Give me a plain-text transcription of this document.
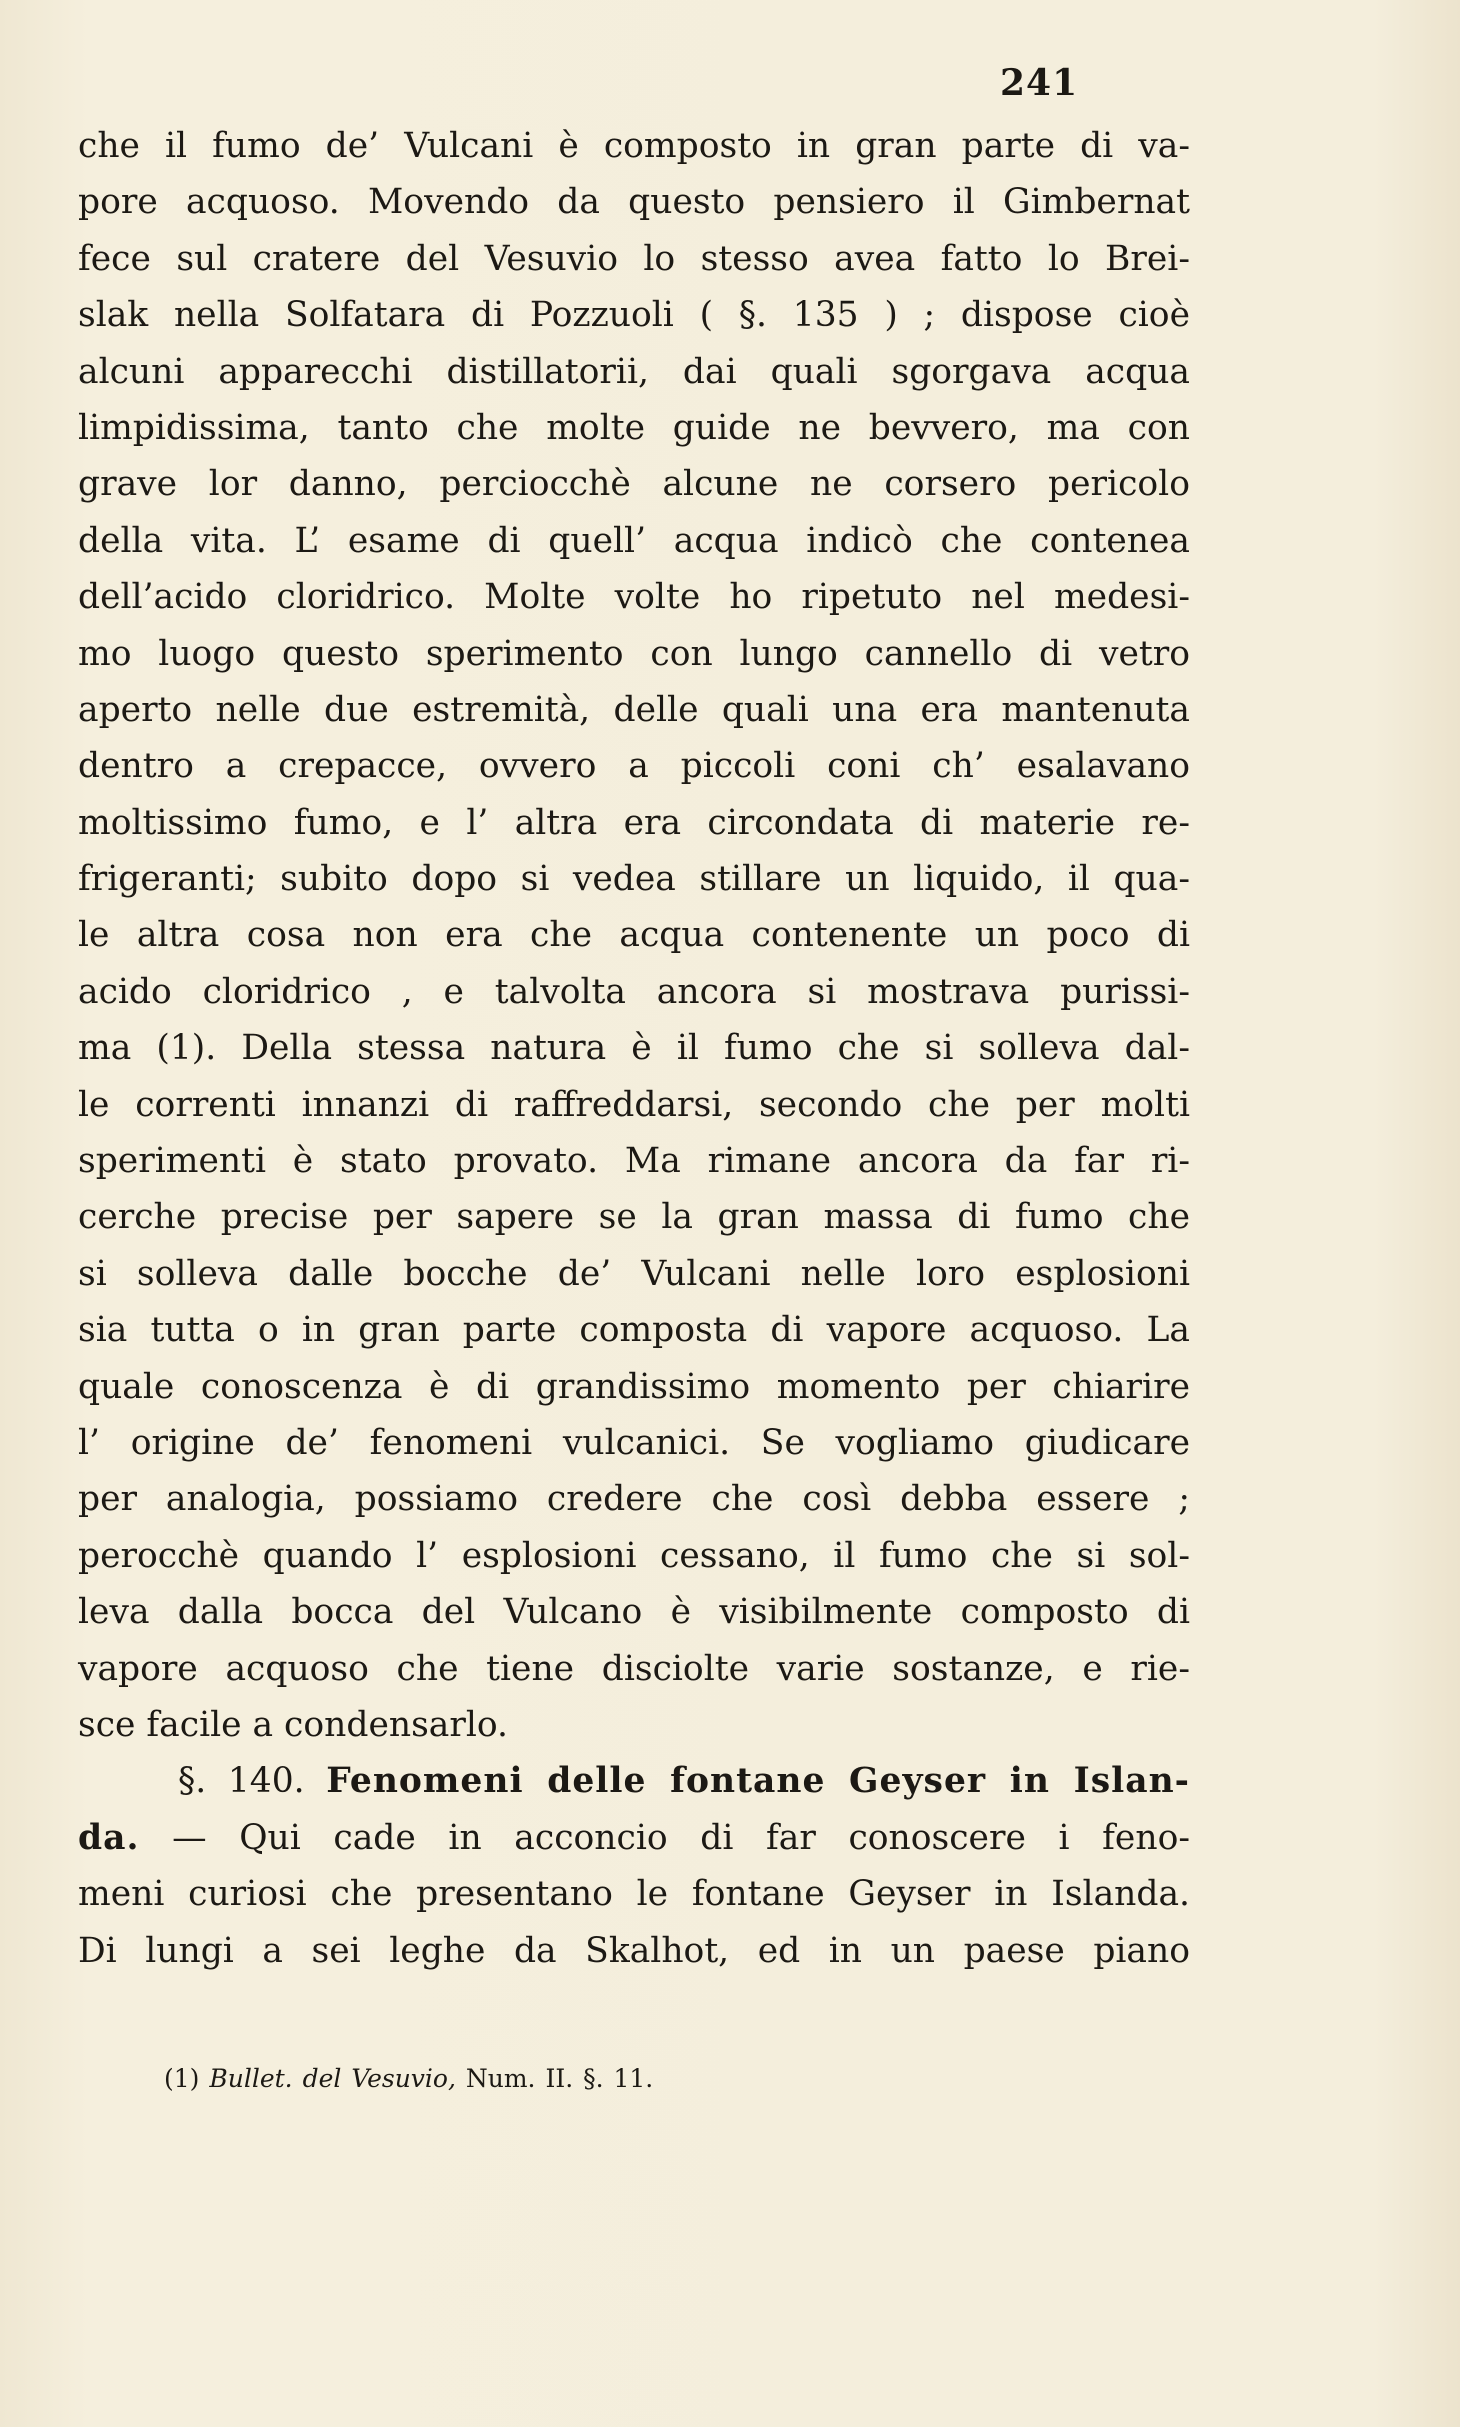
241
che il fumo de’ Vulcani è composto in gran parte di va-
pore acquoso. Movendo da questo pensiero il Gimbernat
fece sul cratere del Vesuvio lo stesso avea fatto lo Brei-
slak nella Solfatara di Pozzuoli ( §. 135 ) ; dispose cioè
alcuni apparecchi distillatorii, dai quali sgorgava acqua
limpidissima, tanto che molte guide ne bevvero, ma con
grave lor danno, perciocchè alcune ne corsero pericolo
della vita. L’ esame di quell’ acqua indicò che contenea
dell’acido cloridrico. Molte volte ho ripetuto nel medesi-
mo luogo questo sperimento con lungo cannello di vetro
aperto nelle due estremità, delle quali una era mantenuta
dentro a crepacce, ovvero a piccoli coni ch’ esalavano
moltissimo fumo, e l’ altra era circondata di materie re-
frigeranti; subito dopo si vedea stillare un liquido, il qua-
le altra cosa non era che acqua contenente un poco di
acido cloridrico , e talvolta ancora si mostrava purissi-
ma (1). Della stessa natura è il fumo che si solleva dal-
le correnti innanzi di raffreddarsi, secondo che per molti
sperimenti è stato provato. Ma rimane ancora da far ri-
cerche precise per sapere se la gran massa di fumo che
si solleva dalle bocche de’ Vulcani nelle loro esplosioni
sia tutta o in gran parte composta di vapore acquoso. La
quale conoscenza è di grandissimo momento per chiarire
l’ origine de’ fenomeni vulcanici. Se vogliamo giudicare
per analogia, possiamo credere che così debba essere ;
perocchè quando l’ esplosioni cessano, il fumo che si sol-
leva dalla bocca del Vulcano è visibilmente composto di
vapore acquoso che tiene disciolte varie sostanze, e rie-
sce facile a condensarlo.
§. 140. Fenomeni delle fontane Geyser in Islan-
da. — Qui cade in acconcio di far conoscere i feno-
meni curiosi che presentano le fontane Geyser in Islanda.
Di lungi a sei leghe da Skalhot, ed in un paese piano
(1) Bullet. del Vesuvio, Num. II. §. 11.
